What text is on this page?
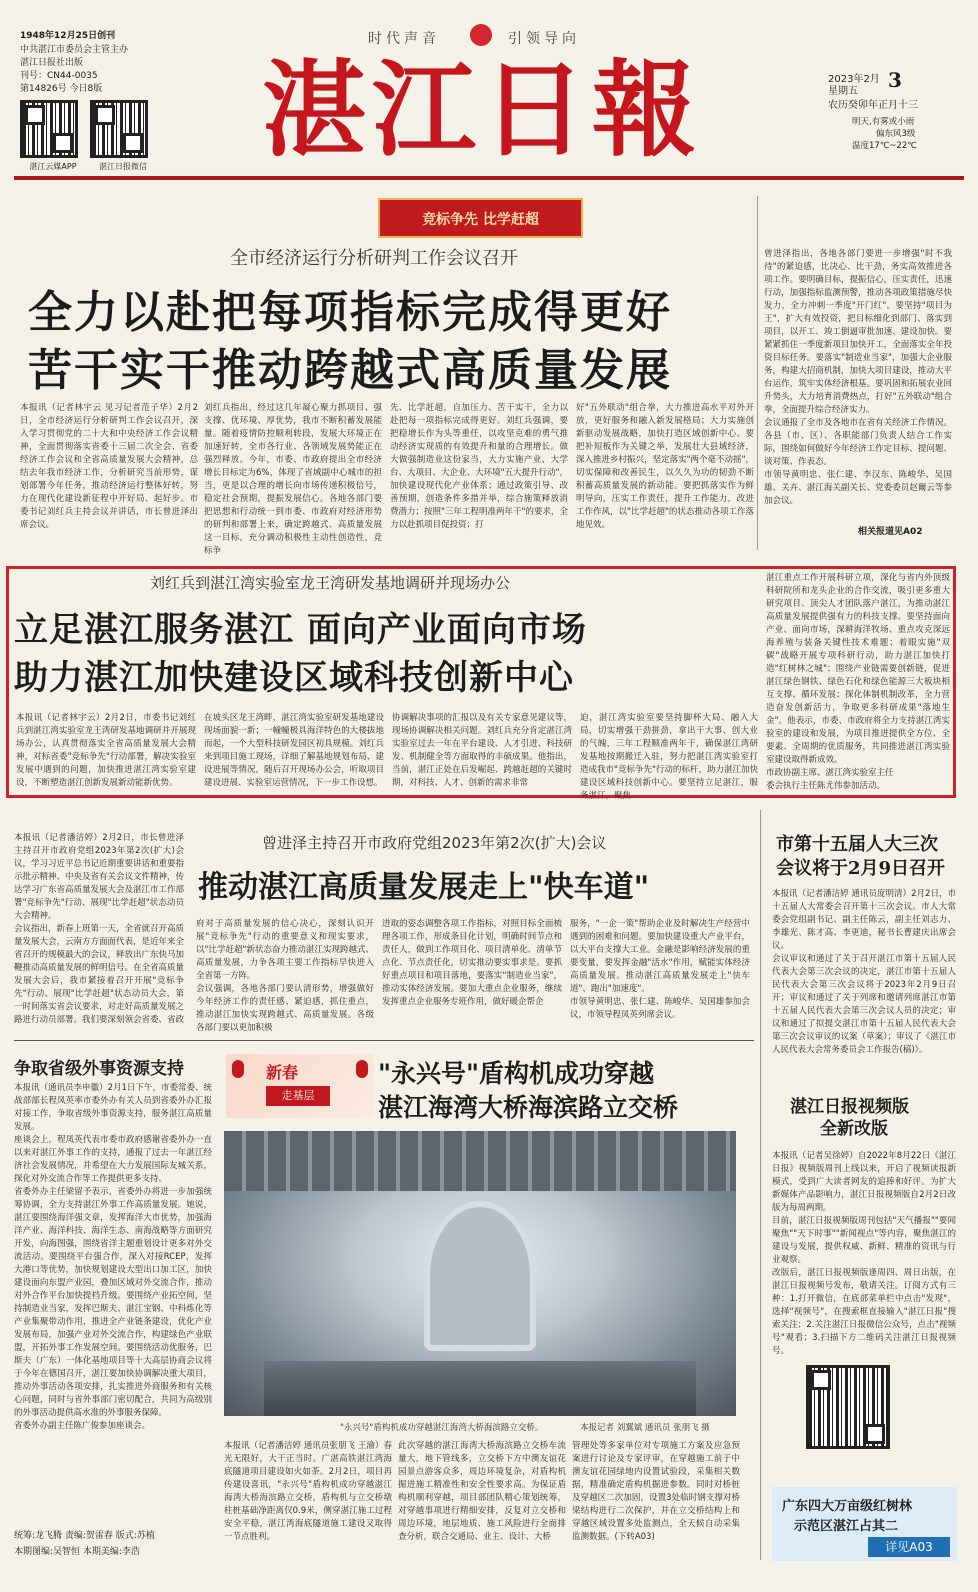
1948年12月25日创刊
中共湛江市委员会主管主办
湛江日报社出版
刊号：CN44-0035
第14826号 今日8版
湛江云媒APP	湛江日报微信
时代声音	引领导向
湛江日報	2023年2月 3
星期五
农历癸卯年正月十三
明天,有雾或小雨
偏东风3级
温度17℃~22℃
竞标争先 比学赶超
全市经济运行分析研判工作会议召开
全力以赴把每项指标完成得更好
苦干实干推动跨越式高质量发展
本报讯（记者林宇云 见习记者范子华）2月2日，全市经济运行分析研判工作会议召开，深入学习贯彻党的二十大和中央经济工作会议精神，全面贯彻落实省委十三届二次全会、省委经济工作会议和全省高质量发展大会精神，总结去年我市经济工作，分析研究当前形势，谋划部署今年任务，推动经济运行整体好转，努力在现代化建设新征程中开好局、起好步。市委书记刘红兵主持会议并讲话，市长曾进泽出席会议。
刘红兵指出，经过这几年凝心聚力抓项目、强支撑、优环境、厚优势，我市不断积蓄发展能量。随着疫情防控顺利转段，发展大环境正在加速好转，全市各行业、各领域发展势能正在强烈释放。今年，市委、市政府提出全市经济增长目标定为6%，体现了省域副中心城市的担当，更是以合理的增长向市场传递积极信号，稳定社会预期，提振发展信心。各地各部门要把思想和行动统一到市委、市政府对经济形势的研判和部署上来，确定跨越式、高质量发展这一目标，充分调动积极性主动性创造性，竞标争
先、比学赶超，自加压力、苦干实干，全力以赴把每一项指标完成得更好。刘红兵强调，要把稳增长作为头等重任，以攻坚克难的勇气推动经济实现质的有效提升和量的合理增长。做大做强制造业这份家当，大力实施产业、大学台、大项目、大企业、大环境"五大提升行动"，加快建设现代化产业体系；通过政策引导、改善预期，创造条件多措并举，综合施策释放消费潜力；按照"三年工程明准两年干"的要求，全力以赴抓项目促投资；打
好"五外联动"组合拳，大力推进高水平对外开放，更好服务和融入新发展格局；大力实施创新驱动发展战略，加快打造区域创新中心。要把补短板作为关键之举，发展壮大县域经济，深入推进乡村振兴，坚定落实"两个毫不动摇"，切实保障和改善民生，以久久为功的韧劲不断积蓄高质量发展的新动能。要把抓落实作为鲜明导向，压实工作责任，提升工作能力，改进工作作风，以"比学赶超"的状态推动各项工作落地见效。
曾进泽指出，各地各部门要进一步增强"时不我待"的紧迫感，比决心、比干劲，务实高效推进各项工作。要明确目标，提振信心，压实责任，迅速行动，加强指标监测预警，推动各项政策措施尽快发力，全力冲刺一季度"开门红"。要坚持"项目为王"，扩大有效投资，把目标细化到部门、落实到项目，以开工、竣工倒逼审批加速、建设加快。要紧紧抓住一季度新项目加快开工，全面落实全年投资目标任务。要落实"制造业当家"，加强大企业服务，构建大招商机制，加快大项目建设，推动大平台运作，筑牢实体经济根基。要巩固和拓展农业回升势头，大力培育消费热点，打好"五外联动"组合拳，全面提升综合经济实力。
会议通报了全市及各地市在省有关经济工作情况。各县（市、区）、各职能部门负责人结合工作实际，围绕如何做好今年经济工作定目标、提问题、谈对策、作表态。
市领导黄明忠、张仁建、李汉东、陈峻华、吴国雄、关卉、湛江海关副关长、党委委员赵爾云等参加会议。
相关报道见A02
刘红兵到湛江湾实验室龙王湾研发基地调研并现场办公
立足湛江服务湛江 面向产业面向市场
助力湛江加快建设区域科技创新中心
本报讯（记者林宇云）2月2日，市委书记刘红兵到湛江湾实验室龙王湾研发基地调研并开展现场办公，认真贯彻落实全省高质量发展大会精神，对标省委"竞标争先"行动部署，解决实验室发展中遇到的问题，加快推进湛江湾实验室建设，不断塑造湛江创新发展新动能新优势。
在坡头区龙王湾畔，湛江湾实验室研发基地建设现场面貌一新；一幢幢极具海洋特色的大楼拔地而起，一个大型科技研发园区初具规模。刘红兵来到项目施工现场，详细了解基地规划布局、建设进展等情况，随后召开现场办公会，听取项目建设进展、实验室运营情况，下一步工作设想。
协调解决事项的汇报以及有关专家意见建议等，现场协调解决相关问题。刘红兵充分肯定湛江湾实验室过去一年在平台建设、人才引进、科技研发、机制健全等方面取得的丰硕成果。他指出，当前，湛江正处在后发崛起、跨越赶超的关键时期，对科技、人才、创新的需求非常
迫，湛江湾实验室要坚持脚杯大局、融入大局，切实增强干劲拼劲，拿出干大事、创大业的气魄，三年工程顺准两年干，确保湛江湾研发基地按期搬迁入驻，努力把湛江湾实验室打造成我市"竞标争先"行动的标杆，助力湛江加快建设区域科技创新中心。要坚持立足湛江，服务湛江，聚焦
湛江重点工作开展科研立项，深化与省内外顶级科研院所和龙头企业的合作交流，吸引更多重大研究项目、顶尖人才团队落户湛江，为推动湛江高质量发展提供强有力的科技支撑。要坚持面向产业、面向市场，深耕海洋牧场、重点攻克深远海养殖与装备关键性技术难题；着眼实施"双碳"战略开展专项科研行动，助力湛江加快打造"红树林之城"；围绕产业链需要创新链，促进湛江绿色钢铁、绿色石化和绿色能源三大板块相互支撑、循环发展；探化体制机制改革，全力营造奋发创新活力，争取更多科研成果"落地生金"。他表示，市委、市政府将全力支持湛江湾实验室的建设和发展，为项目推进提供全方位、全要素、全周期的优质服务，共同推进湛江湾实验室建设取得新成效。
市政协副主席、湛江湾实验室主任
委会执行主任陈尤伟参加活动。
本报讯（记者潘洁婷）2月2日，市长曾进泽主持召开市政府党组2023年第2次(扩大)会议，学习习近平总书记近期重要讲话和重要指示批示精神、中央及省有关会议文件精神，传达学习广东省高质量发展大会及湛江市工作部署"竞标争先"行动、展现"比学赶超"状态动员大会精神。
会议指出，新春上班第一天，全省就召开高质量发展大会，云南方方面面代表，是近年来全省召开的规模最大的会议，释放出广东快马加鞭推动高质量发展的鲜明信号。在全省高质量发展大会后，我市紧接着召开开展"竞标争先"行动、展现"比学赶超"状态动员大会，第一时间落实省会议要求，对走好高质量发展之路进行动员部署。我们要深刻领会省委、省政
曾进泽主持召开市政府党组2023年第2次(扩大)会议
推动湛江高质量发展走上"快车道"
府对于高质量发展的信心决心，深刻认识开展"竞标争先"行动的重要意义和现实要求，以"比学赶超"新状态奋力推动湛江实现跨越式、高质量发展，力争各项主要工作指标早快进入全省第一方阵。
会议强调，各地各部门要认清形势，增强做好今年经济工作的责任感、紧迫感，抓住重点，推动湛江加快实现跨越式、高质量发展。各级各部门要以更加积极
进取的姿态调整各项工作指标，对照目标全面梳理各项工作，形成条目化计划，明确时间节点和责任人，做到工作项目化、项目清单化、清单节点化、节点责任化，切实推动要实事求是。要抓好重点项目和项目落地，要落实"制造业当家"，推动实体经济发展。要加大重点企业服务，继续发挥重点企业服务专班作用，做好暖企帮企
服务，"一企一策"帮助企业及时解决生产经营中遇到的困难和问题。要加快建设重大产业平台，以大平台支撑大工业。金融是影响经济发展的重要变量，要发挥金融"活水"作用，赋能实体经济高质量发展。推动湛江高质量发展走上"快车道"、跑出"加速度"。
市领导黄明忠、张仁建、陈峻华、吴国雄参加会议，市领导程凤英列席会议。
市第十五届人大三次
会议将于2月9日召开
本报讯（记者潘洁婷 通讯员庞明清）2月2日，市十五届人大常委会召开第十三次会议。市人大常委会党组副书记、副主任陈云，副主任刘志力、李雄光、陈才高、李更迪，秘书长曹建庆出席会议。
会议审议和通过了关于召开湛江市第十五届人民代表大会第三次会议的决定，湛江市第十五届人民代表大会第三次会议将于2023年2月9日召开；审议和通过了关于列席和邀请列席湛江市第十五届人民代表大会第三次会议人员的决定；审议和通过了拟提交湛江市第十五届人民代表大会第三次会议审议的议案（草案）；审议了《湛江市人民代表大会常务委员会工作报告(稿)》。
争取省级外事资源支持
本报讯（通讯员李申徽）2月1日下午，市委常委、统战部部长程凤英率市委外办有关人员到省委外办汇报对接工作，争取省级外事资源支持，服务湛江高质量发展。
座谈会上，程凤英代表市委市政府感谢省委外办一直以来对湛江外事工作的支持，通报了过去一年湛江经济社会发展情况，并希望在大力发展国际友城关系，探化对外交流合作等工作提供更多支持。
省委外办主任梁留予表示，省委外办将进一步加强统筹协调，全力支持湛江外事工作高质量发展。她说，湛江要围绕海洋强文章，发挥海洋大市优势，加强海洋产业、海洋科技、海洋生态、南海战略等方面研究开发，向海图强，围绕省洋主题重划设计更多对外交流活动。要围绕平台强合作，深入对接RCEP，发挥大港口等优势，加快规划建设大型出口加工区，加快建设面向东盟产业园，叠加区域对外交流合作，推动对外合作平台加快提档升级。要围绕产业拓空间，坚持制造业当家，发挥巴斯夫、湛江宝钢、中科炼化等产业集聚带动作用，推进全产业链条建设，优化产业发展布局，加强产业对外交流合作，构建绿色产业联盟，开拓外事工作发展空间。要围绕活动优服务，巴斯夫（广东）一体化基地项目等十大高层协商会议将于今年在德国召开，湛江要加快协调解决重大项目，推动外事活动各项安排，扎实推进外商服务和有关核心问题，同时与省外事部门密切配合，共同为高级别的外事活动提供高水准的外事服务保障。
省委外办副主任陈广俊参加座谈会。
统筹:龙飞腾 责编:贺雷春 版式:苏植
本期图编:吴智恒 本期美编:李浩
新春
走基层
"永兴号"盾构机成功穿越
湛江海湾大桥海滨路立交桥
"永兴号"盾构机成功穿越湛江海湾大桥海滨路立交桥。	本报记者 刘翼斌 通讯员 张朋飞 摄
本报讯（记者潘洁婷 通讯员张朋飞 王渝）春光无限好，大干正当时。广湛高铁湛江湾海底隧道项目建设如火如荼。2月2日，项目再传建设喜讯，"永兴号"盾构机成功穿越湛江海湾大桥海滨路立交桥，盾构机与立交桥墩柱桩基础净距离仅0.9米，侧穿湛江施工过程安全平稳，湛江湾海底隧道施工建设又取得一节点胜利。
此次穿越的湛江海湾大桥海滨路立交桥车流量大，地下管线多，立交桥下方中澳友谊花园景点游客众多，周边环境复杂，对盾构机掘进施工精准性和安全性要求高。为保证盾构机顺利穿越，项目部团队精心策划统筹，对穿越事项进行精细安排，反复对立交桥和周边环境，地层地质、施工风险进行全面排查分析，联合交通局、业主、设计、大桥
管理处等多家单位对专项施工方案及应急预案进行讨论及专家评审，在穿越施工前于中澳友谊花园绿地内设置试验段，采集相关数据，精准确定盾构机掘进参数。同时对桥桩及穿越区二次加固，设置3处临时钢支撑对桥梁结构进行二次保护，并在立交桥结构上和穿越区域设置多处监测点，全天候自动采集监测数据。(下转A03)
湛江日报视频版
全新改版
本报讯（记者吴徐婷）自2022年8月22日《湛江日报》视频版周刊上线以来，开启了视频读报新模式，受到广大读者网友的追捧和好评。为扩大新媒体产品影响力，湛江日报视频版自2月2日改版为每周两期。
目前，湛江日报视频版周刊包括"天气播报""要闻聚焦""天下时事""新闻视点"等内容，聚焦湛江的建设与发展，提供权威、新鲜、精准的资讯与行业观察。
改版后，湛江日报视频版逢周四、周日出版，在湛江日报视频号发布，敬请关注。订阅方式有三种：1.打开微信，在底部菜单栏中点击"发现"，选择"视频号"，在搜索框直接输入"湛江日报"搜索关注；2.关注湛江日报微信公众号，点击"视频号"观看；3.扫描下方二维码关注湛江日报视频号。
广东四大万亩级红树林
示范区湛江占其二
详见A03
